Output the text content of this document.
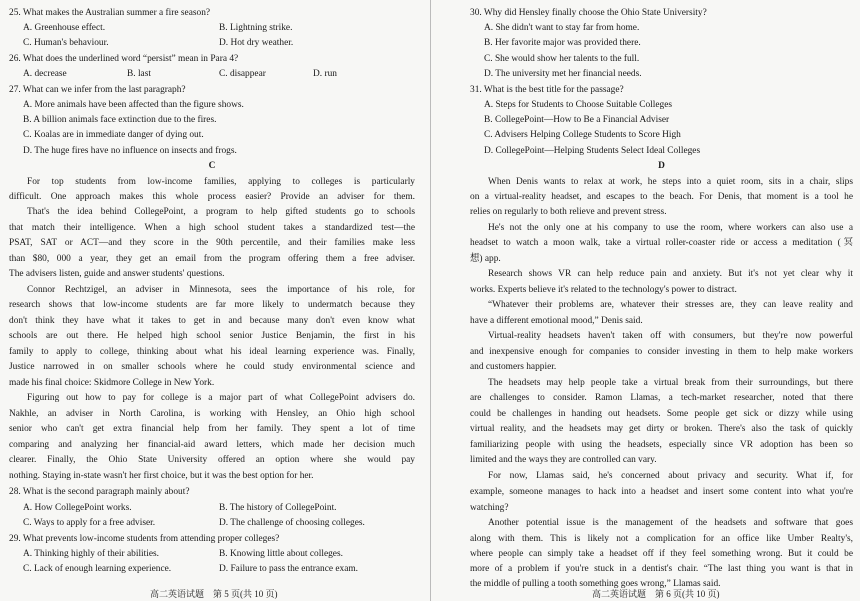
25. What makes the Australian summer a fire season?
A. Greenhouse effect.	B. Lightning strike.
C. Human's behaviour.	D. Hot dry weather.
26. What does the underlined word “persist” mean in Para 4?
A. decrease	B. last	C. disappear	D. run
27. What can we infer from the last paragraph?
A. More animals have been affected than the figure shows.
B. A billion animals face extinction due to the fires.
C. Koalas are in immediate danger of dying out.
D. The huge fires have no influence on insects and frogs.
C
For top students from low-income families, applying to colleges is particularly
difficult. One approach makes this whole process easier? Provide an adviser for them.
That's the idea behind CollegePoint, a program to help gifted students go to schools
that match their intelligence. When a high school student takes a standardized test—the
PSAT, SAT or ACT—and they score in the 90th percentile, and their families make less
than $80, 000 a year, they get an email from the program offering them a free adviser.
The advisers listen, guide and answer students' questions.
Connor Rechtzigel, an adviser in Minnesota, sees the importance of his role, for
research shows that low-income students are far more likely to undermatch because they
don't think they have what it takes to get in and because many don't even know what
schools are out there. He helped high school senior Justice Benjamin, the first in his
family to apply to college, thinking about what his ideal learning experience was. Finally,
Justice narrowed in on smaller schools where he could study environmental science and
made his final choice: Skidmore College in New York.
Figuring out how to pay for college is a major part of what CollegePoint advisers do.
Nakhle, an adviser in North Carolina, is working with Hensley, an Ohio high school
senior who can't get extra financial help from her family. They spent a lot of time
comparing and analyzing her financial-aid award letters, which made her decision much
clearer. Finally, the Ohio State University offered an option where she would pay
nothing. Staying in-state wasn't her first choice, but it was the best option for her.
28. What is the second paragraph mainly about?
A. How CollegePoint works.	B. The history of CollegePoint.
C. Ways to apply for a free adviser.	D. The challenge of choosing colleges.
29. What prevents low-income students from attending proper colleges?
A. Thinking highly of their abilities.	B. Knowing little about colleges.
C. Lack of enough learning experience.	D. Failure to pass the entrance exam.
30. Why did Hensley finally choose the Ohio State University?
A. She didn't want to stay far from home.
B. Her favorite major was provided there.
C. She would show her talents to the full.
D. The university met her financial needs.
31. What is the best title for the passage?
A. Steps for Students to Choose Suitable Colleges
B. CollegePoint—How to Be a Financial Adviser
C. Advisers Helping College Students to Score High
D. CollegePoint—Helping Students Select Ideal Colleges
D
When Denis wants to relax at work, he steps into a quiet room, sits in a chair, slips
on a virtual-reality headset, and escapes to the beach. For Denis, that moment is a tool he
relies on regularly to both relieve and prevent stress.
He's not the only one at his company to use the room, where workers can also use a
headset to watch a moon walk, take a virtual roller-coaster ride or access a meditation (冥
想) app.
Research shows VR can help reduce pain and anxiety. But it's not yet clear why it
works. Experts believe it's related to the technology's power to distract.
“Whatever their problems are, whatever their stresses are, they can leave reality and
have a different emotional mood,” Denis said.
Virtual-reality headsets haven't taken off with consumers, but they're now powerful
and inexpensive enough for companies to consider investing in them to help make workers
and customers happier.
The headsets may help people take a virtual break from their surroundings, but there
are challenges to consider. Ramon Llamas, a tech-market researcher, noted that there
could be challenges in handing out headsets. Some people get sick or dizzy while using
virtual reality, and the headsets may get dirty or broken. There's also the task of quickly
familiarizing people with using the headsets, especially since VR adoption has been so
limited and the ways they are controlled can vary.
For now, Llamas said, he's concerned about privacy and security. What if, for
example, someone manages to hack into a headset and insert some content into what you're
watching?
Another potential issue is the management of the headsets and software that goes
along with them. This is likely not a complication for an office like Umber Realty's,
where people can simply take a headset off if they feel something wrong. But it could be
more of a problem if you're stuck in a dentist's chair. “The last thing you want is that in
the middle of pulling a tooth something goes wrong,” Llamas said.
高二英语试题　第 5 页(共 10 页)	高二英语试题　第 6 页(共 10 页)
